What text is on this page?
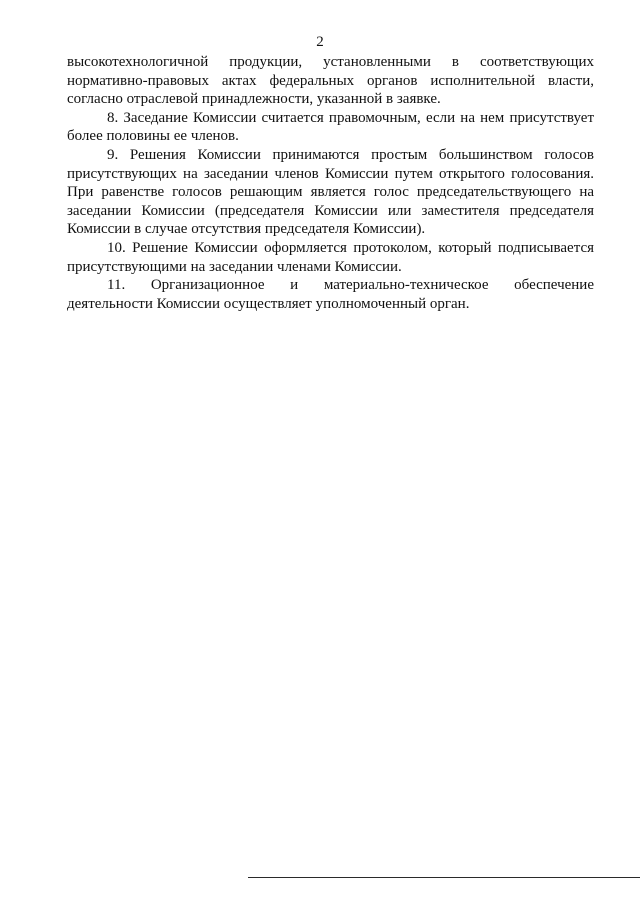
2

высокотехнологичной продукции, установленными в соответствующих нормативно-правовых актах федеральных органов исполнительной власти, согласно отраслевой принадлежности, указанной в заявке.

8. Заседание Комиссии считается правомочным, если на нем присутствует более половины ее членов.

9. Решения Комиссии принимаются простым большинством голосов присутствующих на заседании членов Комиссии путем открытого голосования. При равенстве голосов решающим является голос председательствующего на заседании Комиссии (председателя Комиссии или заместителя председателя Комиссии в случае отсутствия председателя Комиссии).

10. Решение Комиссии оформляется протоколом, который подписывается присутствующими на заседании членами Комиссии.

11. Организационное и материально-техническое обеспечение деятельности Комиссии осуществляет уполномоченный орган.
